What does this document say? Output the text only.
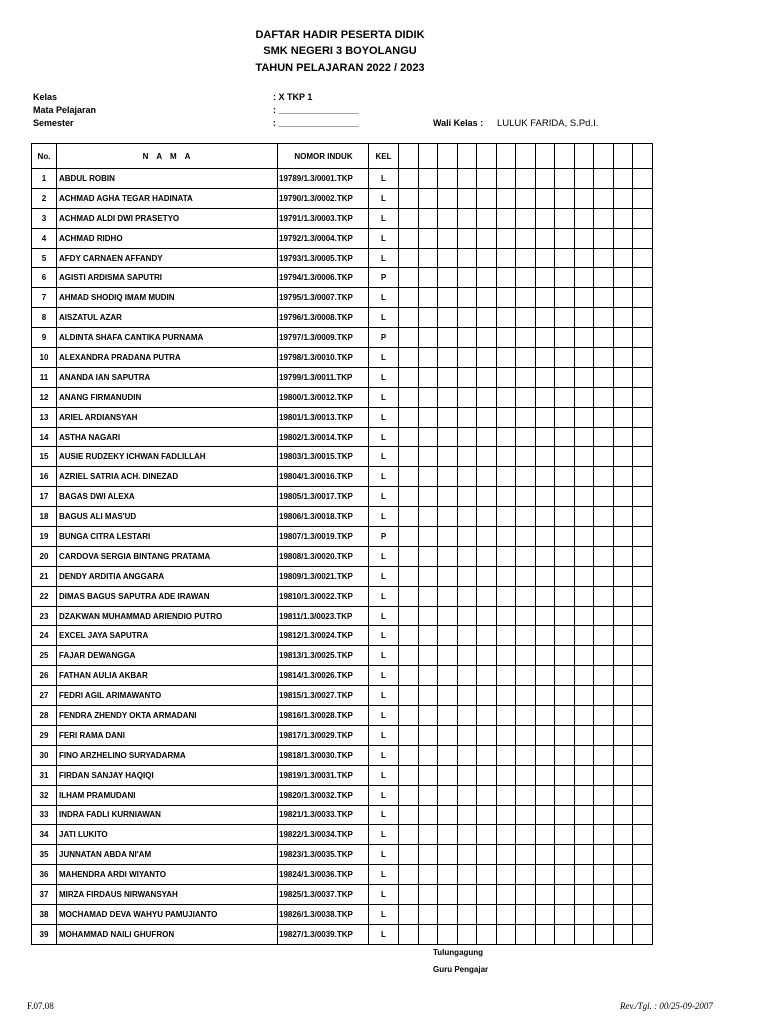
DAFTAR HADIR PESERTA DIDIK
SMK NEGERI 3 BOYOLANGU
TAHUN PELAJARAN 2022 / 2023
Kelas	: X TKP 1
Mata Pelajaran	: ________________
Semester	: ________________	Wali Kelas : LULUK FARIDA, S.Pd.I.
No.	N A M A	NOMOR INDUK	KEL													
1	ABDUL ROBIN	19789/1.3/0001.TKP	L													
2	ACHMAD AGHA TEGAR HADINATA	19790/1.3/0002.TKP	L													
3	ACHMAD ALDI DWI PRASETYO	19791/1.3/0003.TKP	L													
4	ACHMAD RIDHO	19792/1.3/0004.TKP	L													
5	AFDY CARNAEN AFFANDY	19793/1.3/0005.TKP	L													
6	AGISTI ARDISMA SAPUTRI	19794/1.3/0006.TKP	P													
7	AHMAD SHODIQ IMAM MUDIN	19795/1.3/0007.TKP	L													
8	AISZATUL AZAR	19796/1.3/0008.TKP	L													
9	ALDINTA SHAFA CANTIKA PURNAMA	19797/1.3/0009.TKP	P													
10	ALEXANDRA PRADANA PUTRA	19798/1.3/0010.TKP	L													
11	ANANDA IAN SAPUTRA	19799/1.3/0011.TKP	L													
12	ANANG FIRMANUDIN	19800/1.3/0012.TKP	L													
13	ARIEL ARDIANSYAH	19801/1.3/0013.TKP	L													
14	ASTHA NAGARI	19802/1.3/0014.TKP	L													
15	AUSIE RUDZEKY ICHWAN FADLILLAH	19803/1.3/0015.TKP	L													
16	AZRIEL SATRIA ACH. DINEZAD	19804/1.3/0016.TKP	L													
17	BAGAS DWI ALEXA	19805/1.3/0017.TKP	L													
18	BAGUS ALI MAS'UD	19806/1.3/0018.TKP	L													
19	BUNGA CITRA LESTARI	19807/1.3/0019.TKP	P													
20	CARDOVA SERGIA BINTANG PRATAMA	19808/1.3/0020.TKP	L													
21	DENDY ARDITIA ANGGARA	19809/1.3/0021.TKP	L													
22	DIMAS BAGUS SAPUTRA ADE IRAWAN	19810/1.3/0022.TKP	L													
23	DZAKWAN MUHAMMAD ARIENDIO PUTRO	19811/1.3/0023.TKP	L													
24	EXCEL JAYA SAPUTRA	19812/1.3/0024.TKP	L													
25	FAJAR DEWANGGA	19813/1.3/0025.TKP	L													
26	FATHAN AULIA AKBAR	19814/1.3/0026.TKP	L													
27	FEDRI AGIL ARIMAWANTO	19815/1.3/0027.TKP	L													
28	FENDRA ZHENDY OKTA ARMADANI	19816/1.3/0028.TKP	L													
29	FERI RAMA DANI	19817/1.3/0029.TKP	L													
30	FINO ARZHELINO SURYADARMA	19818/1.3/0030.TKP	L													
31	FIRDAN SANJAY HAQIQI	19819/1.3/0031.TKP	L													
32	ILHAM PRAMUDANI	19820/1.3/0032.TKP	L													
33	INDRA FADLI KURNIAWAN	19821/1.3/0033.TKP	L													
34	JATI LUKITO	19822/1.3/0034.TKP	L													
35	JUNNATAN ABDA NI'AM	19823/1.3/0035.TKP	L													
36	MAHENDRA ARDI WIYANTO	19824/1.3/0036.TKP	L													
37	MIRZA FIRDAUS NIRWANSYAH	19825/1.3/0037.TKP	L													
38	MOCHAMAD DEVA WAHYU PAMUJIANTO	19826/1.3/0038.TKP	L													
39	MOHAMMAD NAILI GHUFRON	19827/1.3/0039.TKP	L													
Tulungagung
Guru Pengajar
F.07.08	Rev./Tgl. : 00/25-09-2007
